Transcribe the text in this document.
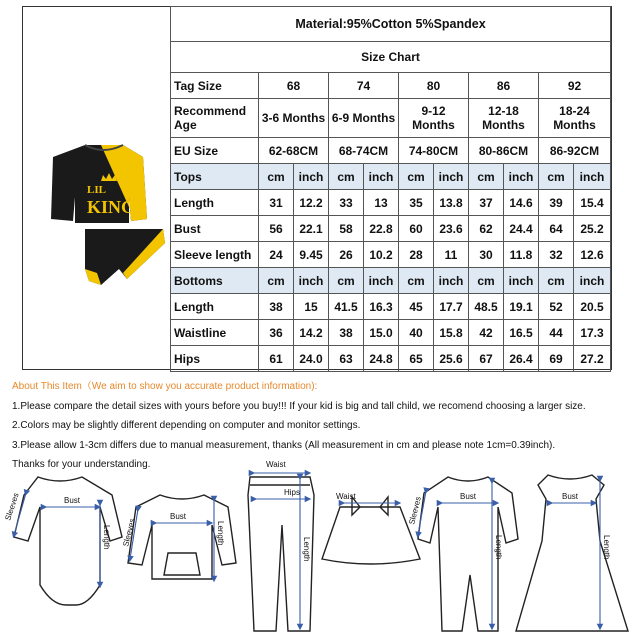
LIL
KING
Material:95%Cotton 5%Spandex										
Size Chart										
Tag Size	68		74		80		86		92	
Recommend Age	3-6 Months		6-9 Months		9-12 Months		12-18 Months		18-24 Months	
EU Size	62-68CM		68-74CM		74-80CM		80-86CM		86-92CM	
Tops	cm	inch	cm	inch	cm	inch	cm	inch	cm	inch
Length	31	12.2	33	13	35	13.8	37	14.6	39	15.4
Bust	56	22.1	58	22.8	60	23.6	62	24.4	64	25.2
Sleeve length	24	9.45	26	10.2	28	11	30	11.8	32	12.6
Bottoms	cm	inch	cm	inch	cm	inch	cm	inch	cm	inch
Length	38	15	41.5	16.3	45	17.7	48.5	19.1	52	20.5
Waistline	36	14.2	38	15.0	40	15.8	42	16.5	44	17.3
Hips	61	24.0	63	24.8	65	25.6	67	26.4	69	27.2
About This Item（We aim to show you accurate product information):
1.Please compare the detail sizes with yours before you buy!!! If your kid is big and tall child, we recomend choosing a larger size.
2.Colors may be slightly different depending on computer and monitor settings.
3.Please allow 1-3cm differs due to manual measurement, thanks (All measurement in cm and please note 1cm=0.39inch).
Thanks for your understanding.
Bust
Length
Sleeves	Bust
Length
Sleeves
Waist
Hips
Length
Waist	Bust
Length
Sleeves	Bust
Length
